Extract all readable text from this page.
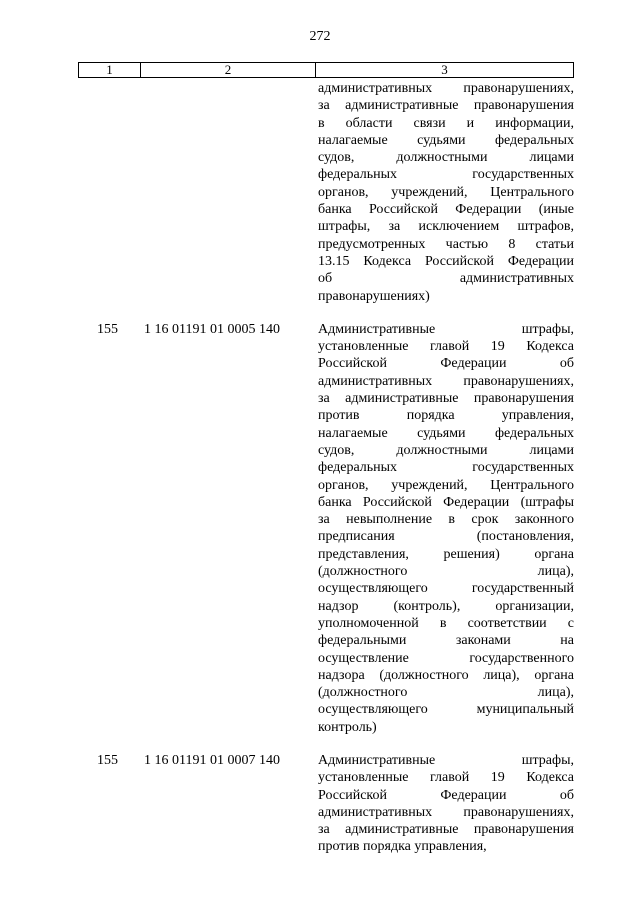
272
1	2	3
административных правонарушениях,
за административные правонарушения
в области связи и информации,
налагаемые судьями федеральных
судов, должностными лицами
федеральных государственных
органов, учреждений, Центрального
банка Российской Федерации (иные
штрафы, за исключением штрафов,
предусмотренных частью 8 статьи
13.15 Кодекса Российской Федерации
об административных
правонарушениях)
155	1 16 01191 01 0005 140	Административные штрафы,
установленные главой 19 Кодекса
Российской Федерации об
административных правонарушениях,
за административные правонарушения
против порядка управления,
налагаемые судьями федеральных
судов, должностными лицами
федеральных государственных
органов, учреждений, Центрального
банка Российской Федерации (штрафы
за невыполнение в срок законного
предписания (постановления,
представления, решения) органа
(должностного лица),
осуществляющего государственный
надзор (контроль), организации,
уполномоченной в соответствии с
федеральными законами на
осуществление государственного
надзора (должностного лица), органа
(должностного лица),
осуществляющего муниципальный
контроль)
155	1 16 01191 01 0007 140	Административные штрафы,
установленные главой 19 Кодекса
Российской Федерации об
административных правонарушениях,
за административные правонарушения
против порядка управления,
